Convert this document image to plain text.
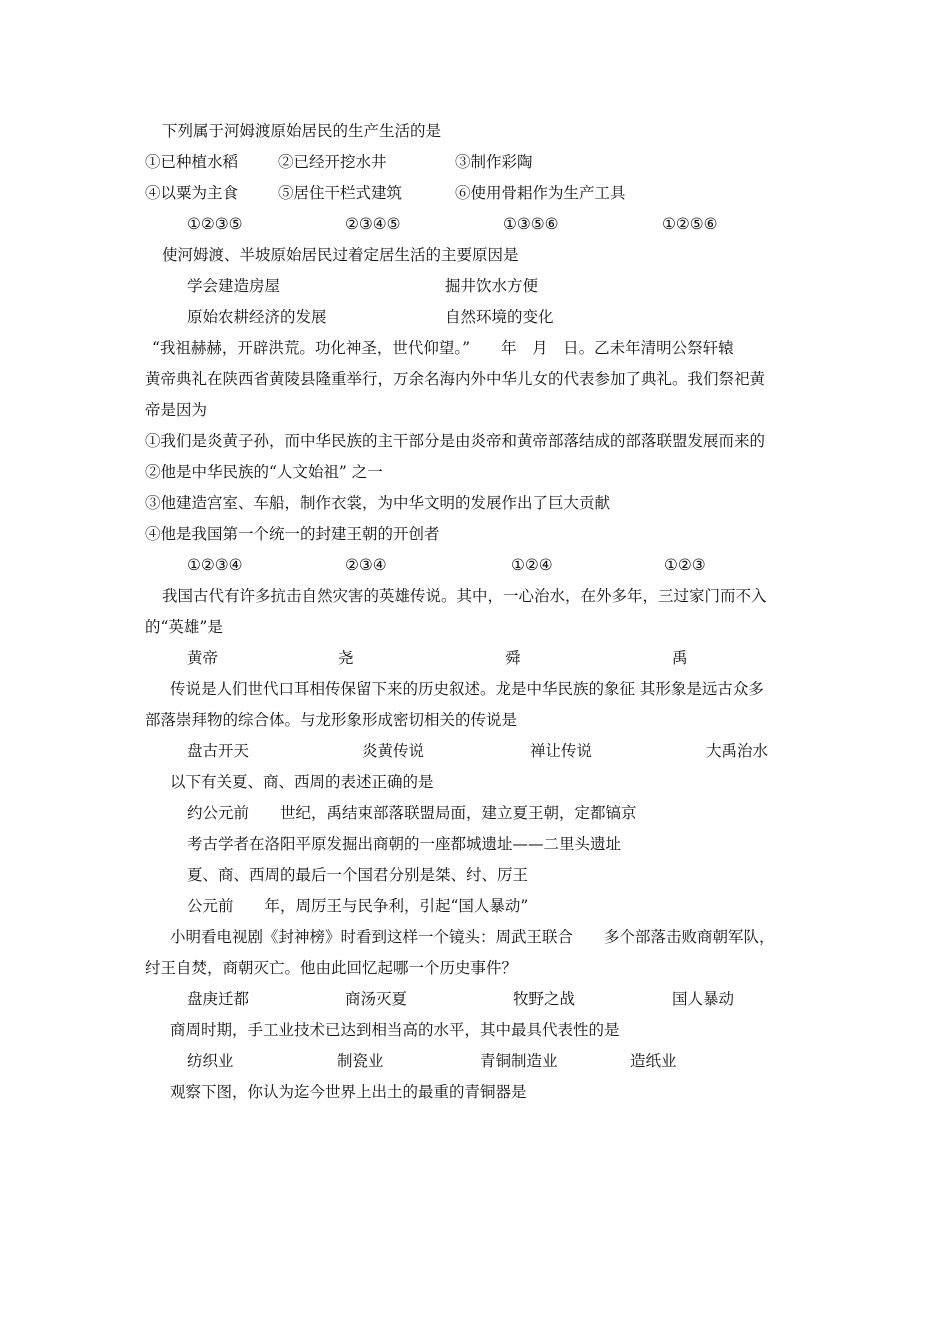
下列属于河姆渡原始居民的生产生活的是
①已种植水稻	②已经开挖水井	③制作彩陶
④以粟为主食	⑤居住干栏式建筑	⑥使用骨耜作为生产工具
①②③⑤	②③④⑤	①③⑤⑥	①②⑤⑥
使河姆渡、半坡原始居民过着定居生活的主要原因是
学会建造房屋	掘井饮水方便
原始农耕经济的发展	自然环境的变化
“我祖赫赫，开辟洪荒。功化神圣，世代仰望。”　　年　月　日。乙未年清明公祭轩辕
黄帝典礼在陕西省黄陵县隆重举行，万余名海内外中华儿女的代表参加了典礼。我们祭祀黄
帝是因为
①我们是炎黄子孙，而中华民族的主干部分是由炎帝和黄帝部落结成的部落联盟发展而来的
②他是中华民族的“人文始祖” 之一
③他建造宫室、车船，制作衣裳，为中华文明的发展作出了巨大贡献
④他是我国第一个统一的封建王朝的开创者
①②③④	②③④	①②④	①②③
我国古代有许多抗击自然灾害的英雄传说。其中，一心治水，在外多年，三过家门而不入
的“英雄”是
黄帝	尧	舜	禹
传说是人们世代口耳相传保留下来的历史叙述。龙是中华民族的象征 其形象是远古众多
部落崇拜物的综合体。与龙形象形成密切相关的传说是
盘古开天	炎黄传说	禅让传说	大禹治水
以下有关夏、商、西周的表述正确的是
约公元前　　世纪，禹结束部落联盟局面，建立夏王朝，定都镐京
考古学者在洛阳平原发掘出商朝的一座都城遗址——二里头遗址
夏、商、西周的最后一个国君分别是桀、纣、厉王
公元前　　年，周厉王与民争利，引起“国人暴动”
小明看电视剧《封神榜》时看到这样一个镜头：周武王联合　　多个部落击败商朝军队，
纣王自焚，商朝灭亡。他由此回忆起哪一个历史事件？
盘庚迁都	商汤灭夏	牧野之战	国人暴动
商周时期，手工业技术已达到相当高的水平，其中最具代表性的是
纺织业	制瓷业	青铜制造业	造纸业
观察下图，你认为迄今世界上出土的最重的青铜器是
